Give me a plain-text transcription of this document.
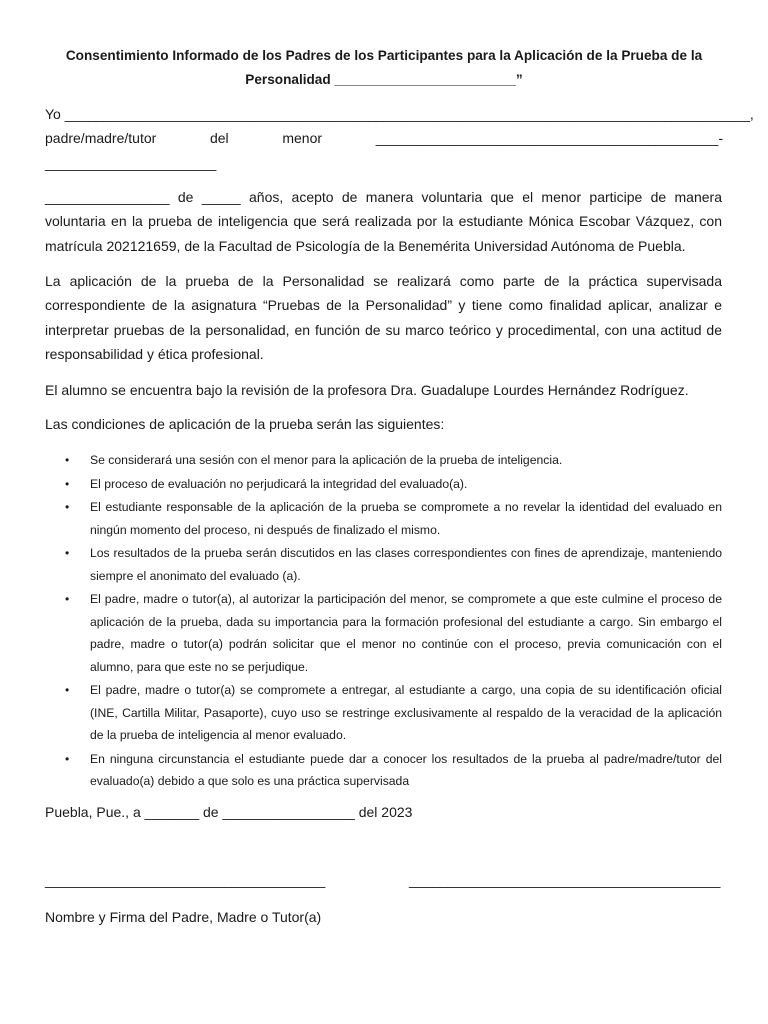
Consentimiento Informado de los Padres de los Participantes para la Aplicación de la Prueba de la
Personalidad ________________________”
Yo ________________________________________________________________________________________,
padre/madre/tutor	del	menor	____________________________________________-
______________________

________________ de _____ años, acepto de manera voluntaria que el menor participe de manera voluntaria en la prueba de inteligencia que será realizada por la estudiante Mónica Escobar Vázquez, con matrícula 202121659, de la Facultad de Psicología de la Benemérita Universidad Autónoma de Puebla.

La aplicación de la prueba de la Personalidad se realizará como parte de la práctica supervisada correspondiente de la asignatura “Pruebas de la Personalidad” y tiene como finalidad aplicar, analizar e interpretar pruebas de la personalidad, en función de su marco teórico y procedimental, con una actitud de responsabilidad y ética profesional.

El alumno se encuentra bajo la revisión de la profesora Dra. Guadalupe Lourdes Hernández Rodríguez.

Las condiciones de aplicación de la prueba serán las siguientes:

• Se considerará una sesión con el menor para la aplicación de la prueba de inteligencia.
• El proceso de evaluación no perjudicará la integridad del evaluado(a).
• El estudiante responsable de la aplicación de la prueba se compromete a no revelar la identidad del evaluado en ningún momento del proceso, ni después de finalizado el mismo.
• Los resultados de la prueba serán discutidos en las clases correspondientes con fines de aprendizaje, manteniendo siempre el anonimato del evaluado (a).
• El padre, madre o tutor(a), al autorizar la participación del menor, se compromete a que este culmine el proceso de aplicación de la prueba, dada su importancia para la formación profesional del estudiante a cargo. Sin embargo el padre, madre o tutor(a) podrán solicitar que el menor no continúe con el proceso, previa comunicación con el alumno, para que este no se perjudique.
• El padre, madre o tutor(a) se compromete a entregar, al estudiante a cargo, una copia de su identificación oficial (INE, Cartilla Militar, Pasaporte), cuyo uso se restringe exclusivamente al respaldo de la veracidad de la aplicación de la prueba de inteligencia al menor evaluado.
• En ninguna circunstancia el estudiante puede dar a conocer los resultados de la prueba al padre/madre/tutor del evaluado(a) debido a que solo es una práctica supervisada
Puebla, Pue., a _______ de _________________ del 2023
____________________________________	________________________________________
Nombre y Firma del Padre, Madre o Tutor(a)
